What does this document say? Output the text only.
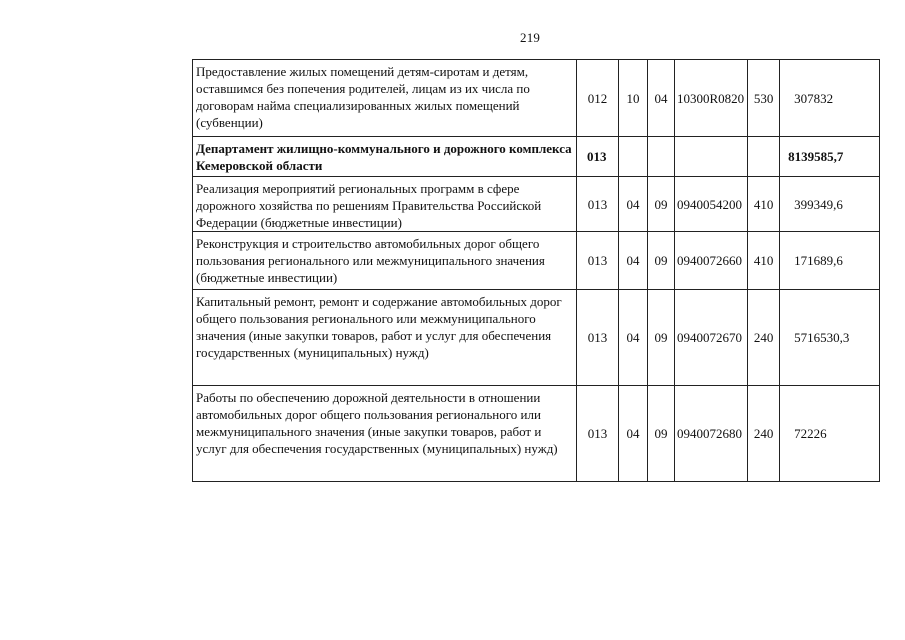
219
Предоставление жилых помещений детям-сиротам и детям, оставшимся без попечения родителей, лицам из их числа по договорам найма специализированных жилых помещений (субвенции)	012	10	04	10300R0820	530	307832
Департамент жилищно-коммунального и дорожного комплекса Кемеровской области	013					8139585,7
Реализация мероприятий региональных программ в сфере дорожного хозяйства по решениям Правительства Российской Федерации (бюджетные инвестиции)	013	04	09	0940054200	410	399349,6
Реконструкция и строительство автомобильных дорог общего пользования регионального или межмуниципального значения (бюджетные инвестиции)	013	04	09	0940072660	410	171689,6
Капитальный ремонт, ремонт и содержание автомобильных дорог общего пользования регионального или межмуниципального значения (иные закупки товаров, работ и услуг для обеспечения государственных (муниципальных) нужд)	013	04	09	0940072670	240	5716530,3
Работы по обеспечению дорожной деятельности в отношении автомобильных дорог общего пользования регионального или межмуниципального значения (иные закупки товаров, работ и услуг для обеспечения государственных (муниципальных) нужд)	013	04	09	0940072680	240	72226
